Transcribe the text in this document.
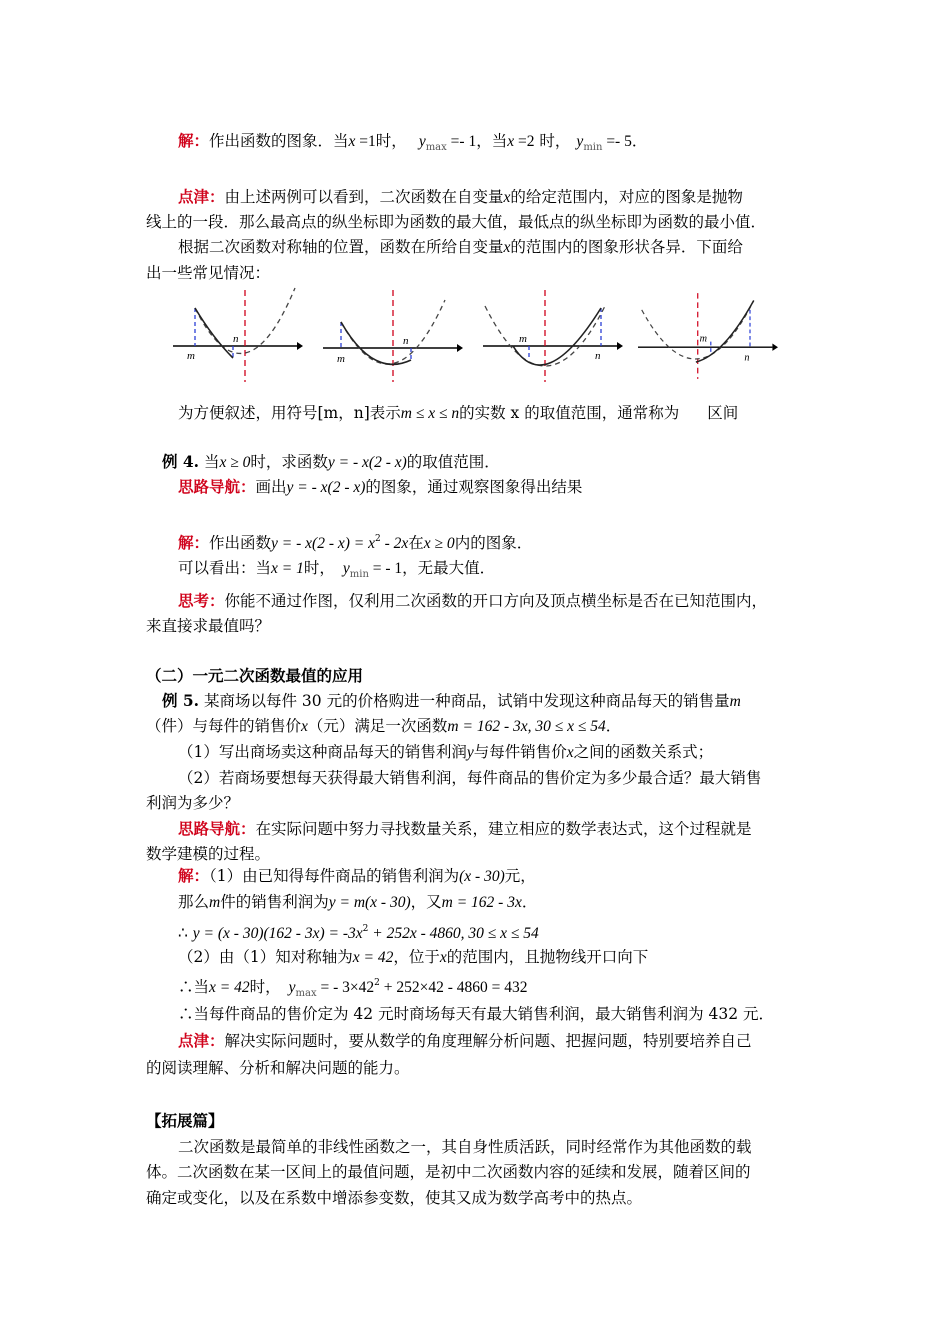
解：作出函数的图象．当x =1时， $y_{max} =- 1$，当x =2 时， $y_{min} =- 5$．
点津：由上述两例可以看到，二次函数在自变量x的给定范围内，对应的图象是抛物
线上的一段．那么最高点的纵坐标即为函数的最大值，最低点的纵坐标即为函数的最小值．
根据二次函数对称轴的位置，函数在所给自变量x的范围内的图象形状各异．下面给
出一些常见情况：
m
n
m
n	m
n
m
n
为方便叙述，用符号[m，n]表示m ≤ x ≤ n的实数 x 的取值范围，通常称为 区间
例 4. 当x ≥ 0时，求函数y = - x(2 - x)的取值范围．
思路导航：画出y = - x(2 - x)的图象，通过观察图象得出结果
解：作出函数y = - $x(2 - x) = x^2 - 2x$在x ≥ 0内的图象．
可以看出：当x = 1时， $y_{min}$ = - 1，无最大值．
思考：你能不通过作图，仅利用二次函数的开口方向及顶点横坐标是否在已知范围内，
来直接求最值吗？
（二）一元二次函数最值的应用
例 5. 某商场以每件 30 元的价格购进一种商品，试销中发现这种商品每天的销售量m
（件）与每件的销售价x（元）满足一次函数m = 162 - 3x, 30 ≤ x ≤ 54．
（1）写出商场卖这种商品每天的销售利润y与每件销售价x之间的函数关系式；
（2）若商场要想每天获得最大销售利润，每件商品的售价定为多少最合适？最大销售
利润为多少？
思路导航：在实际问题中努力寻找数量关系，建立相应的数学表达式，这个过程就是
数学建模的过程。
解：（1）由已知得每件商品的销售利润为(x - 30)元，
那么m件的销售利润为y = m(x - 30)，又m = 162 - 3x．
∴ $y = (x - 30)(162 - 3x) = -3x^2 + 252x - 4860$, 30 ≤ x ≤ 54
（2）由（1）知对称轴为x = 42，位于x的范围内，且抛物线开口向下
∴当x = 42时， $y_{max}$ = - $3\times 42^2 + 252\times 42 - 4860 = 432$
∴当每件商品的售价定为 42 元时商场每天有最大销售利润，最大销售利润为 432 元．
点津：解决实际问题时，要从数学的角度理解分析问题、把握问题，特别要培养自己
的阅读理解、分析和解决问题的能力。
【拓展篇】
二次函数是最简单的非线性函数之一，其自身性质活跃，同时经常作为其他函数的载
体。二次函数在某一区间上的最值问题，是初中二次函数内容的延续和发展，随着区间的
确定或变化，以及在系数中增添参变数，使其又成为数学高考中的热点。
